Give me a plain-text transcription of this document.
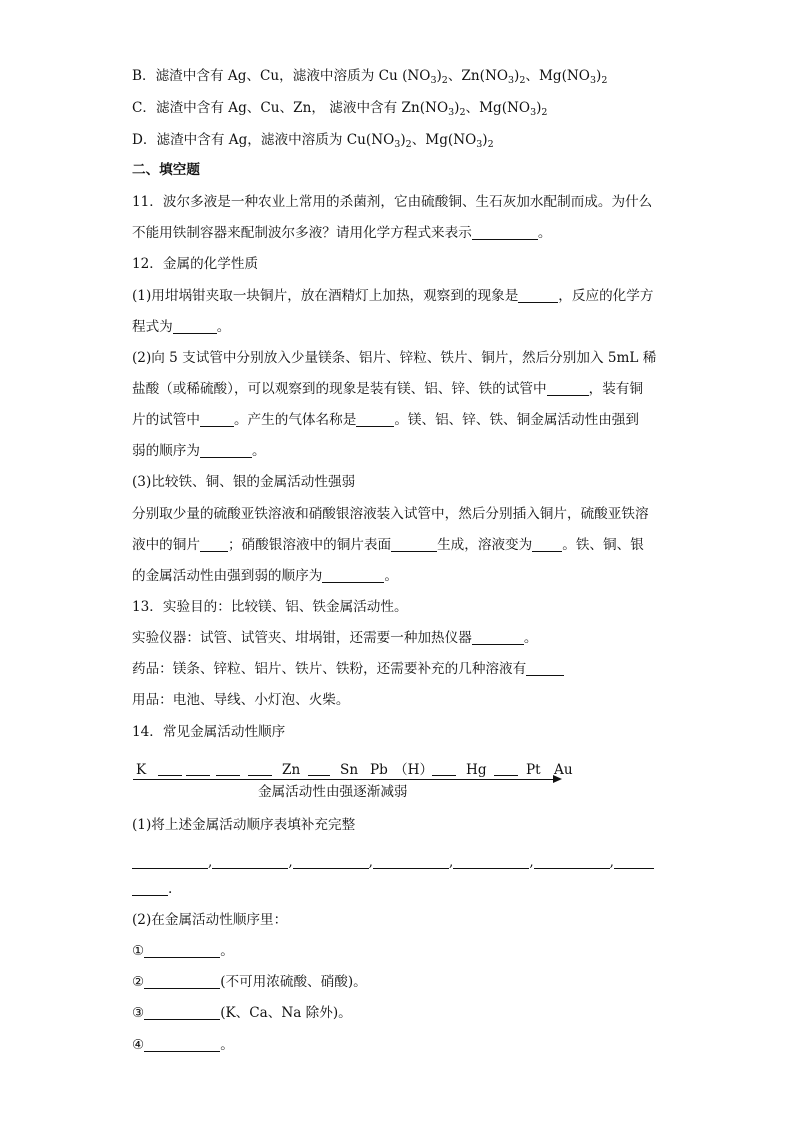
B．滤渣中含有 Ag、Cu，滤液中溶质为 Cu $(NO_3)_2$、$Zn(NO_3)_2$、$Mg(NO_3)_2$
C．滤渣中含有 Ag、Cu、Zn， 滤液中含有 $Zn(NO_3)_2$、$Mg(NO_3)_2$
D．滤渣中含有 Ag，滤液中溶质为 $Cu(NO_3)_2$、$Mg(NO_3)_2$
二、填空题
11．波尔多液是一种农业上常用的杀菌剂，它由硫酸铜、生石灰加水配制而成。为什么
不能用铁制容器来配制波尔多液？请用化学方程式来表示	。
12．金属的化学性质
(1)用坩埚钳夹取一块铜片，放在酒精灯上加热，观察到的现象是	，反应的化学方
程式为	。
(2)向 5 支试管中分别放入少量镁条、铝片、锌粒、铁片、铜片，然后分别加入 5mL 稀
盐酸（或稀硫酸），可以观察到的现象是装有镁、铝、锌、铁的试管中	，装有铜
片的试管中	。产生的气体名称是	。镁、铝、锌、铁、铜金属活动性由强到
弱的顺序为	。
(3)比较铁、铜、银的金属活动性强弱
分别取少量的硫酸亚铁溶液和硝酸银溶液装入试管中，然后分别插入铜片，硫酸亚铁溶
液中的铜片 ；硝酸银溶液中的铜片表面	生成，溶液变为 。铁、铜、银
的金属活动性由强到弱的顺序为	。
13．实验目的：比较镁、铝、铁金属活动性。
实验仪器：试管、试管夹、坩埚钳，还需要一种加热仪器	。
药品：镁条、锌粒、铝片、铁片、铁粉，还需要补充的几种溶液有
用品：电池、导线、小灯泡、火柴。
14．常见金属活动性顺序
K	Zn	Sn Pb （H） Hg	Pt Au
金属活动性由强逐渐减弱
(1)将上述金属活动顺序表填补充完整
,	,	,	,	,	,
.
(2)在金属活动性顺序里：
①	。
②	(不可用浓硫酸、硝酸)。
③	(K、Ca、Na 除外)。
④	。
